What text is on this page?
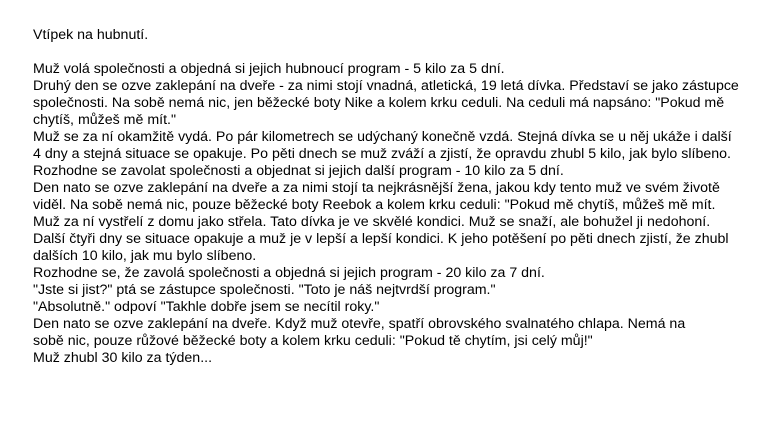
Vtípek na hubnutí.

Muž volá společnosti a objedná si jejich hubnoucí program - 5 kilo za 5 dní.

Druhý den se ozve zaklepání na dveře - za nimi stojí vnadná, atletická, 19 letá dívka. Představí se jako zástupce společnosti. Na sobě nemá nic, jen běžecké boty Nike a kolem krku ceduli. Na ceduli má napsáno: "Pokud mě chytíš, můžeš mě mít."

Muž se za ní okamžitě vydá. Po pár kilometrech se udýchaný konečně vzdá. Stejná dívka se u něj ukáže i další 4 dny a stejná situace se opakuje. Po pěti dnech se muž zváží a zjistí, že opravdu zhubl 5 kilo, jak bylo slíbeno.

Rozhodne se zavolat společnosti a objednat si jejich další program - 10 kilo za 5 dní.

Den nato se ozve zaklepání na dveře a za nimi stojí ta nejkrásnější žena, jakou kdy tento muž ve svém životě viděl. Na sobě nemá nic, pouze běžecké boty Reebok a kolem krku ceduli: "Pokud mě chytíš, můžeš mě mít. Muž za ní vystřelí z domu jako střela. Tato dívka je ve skvělé kondici. Muž se snaží, ale bohužel ji nedohoní. Další čtyři dny se situace opakuje a muž je v lepší a lepší kondici. K jeho potěšení po pěti dnech zjistí, že zhubl dalších 10 kilo, jak mu bylo slíbeno.

Rozhodne se, že zavolá společnosti a objedná si jejich program - 20 kilo za 7 dní.

"Jste si jist?" ptá se zástupce společnosti. "Toto je náš nejtvrdší program."

"Absolutně." odpoví "Takhle dobře jsem se necítil roky."

Den nato se ozve zaklepání na dveře. Když muž otevře, spatří obrovského svalnatého chlapa. Nemá na sobě nic, pouze růžové běžecké boty a kolem krku ceduli: "Pokud tě chytím, jsi celý můj!"

Muž zhubl 30 kilo za týden...
